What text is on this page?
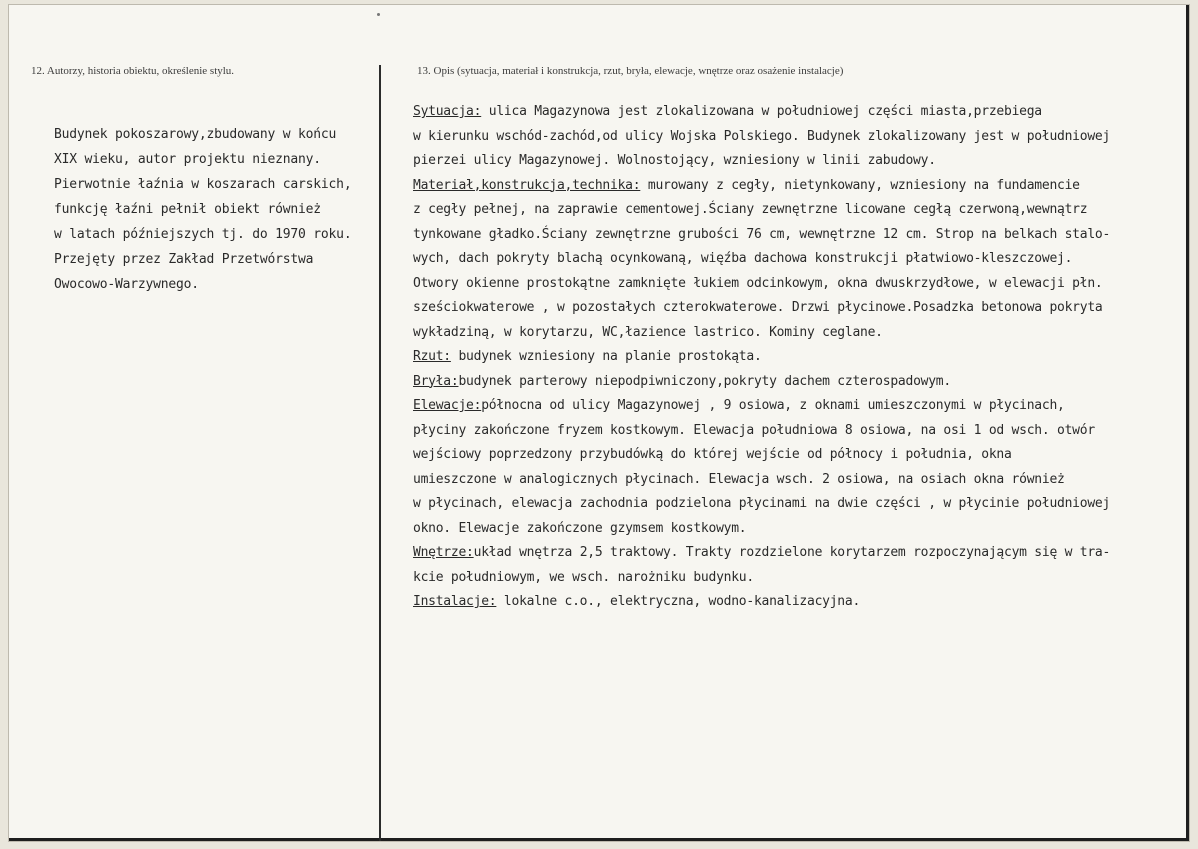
12. Autorzy, historia obiektu, określenie stylu.	13. Opis (sytuacja, materiał i konstrukcja, rzut, bryła, elewacje, wnętrze oraz osażenie instalacje)
Budynek pokoszarowy,zbudowany w końcu
XIX wieku, autor projektu nieznany.
Pierwotnie łaźnia w koszarach carskich,
funkcję łaźni pełnił obiekt również
w latach późniejszych tj. do 1970 roku.
Przejęty przez Zakład Przetwórstwa
Owocowo-Warzywnego.
Sytuacja: ulica Magazynowa jest zlokalizowana w południowej części miasta,przebiega
w kierunku wschód-zachód,od ulicy Wojska Polskiego. Budynek zlokalizowany jest w południowej
pierzei ulicy Magazynowej. Wolnostojący, wzniesiony w linii zabudowy.
Materiał,konstrukcja,technika: murowany z cegły, nietynkowany, wzniesiony na fundamencie
z cegły pełnej, na zaprawie cementowej.Ściany zewnętrzne licowane cegłą czerwoną,wewnątrz
tynkowane gładko.Ściany zewnętrzne grubości 76 cm, wewnętrzne 12 cm. Strop na belkach stalo-
wych, dach pokryty blachą ocynkowaną, więźba dachowa konstrukcji płatwiowo-kleszczowej.
Otwory okienne prostokątne zamknięte łukiem odcinkowym, okna dwuskrzydłowe, w elewacji płn.
sześciokwaterowe , w pozostałych czterokwaterowe. Drzwi płycinowe.Posadzka betonowa pokryta
wykładziną, w korytarzu, WC,łazience lastrico. Kominy ceglane.
Rzut: budynek wzniesiony na planie prostokąta.
Bryła:budynek parterowy niepodpiwniczony,pokryty dachem czterospadowym.
Elewacje:północna od ulicy Magazynowej , 9 osiowa, z oknami umieszczonymi w płycinach,
płyciny zakończone fryzem kostkowym. Elewacja południowa 8 osiowa, na osi 1 od wsch. otwór
wejściowy poprzedzony przybudówką do której wejście od północy i południa, okna
umieszczone w analogicznych płycinach. Elewacja wsch. 2 osiowa, na osiach okna również
w płycinach, elewacja zachodnia podzielona płycinami na dwie części , w płycinie południowej
okno. Elewacje zakończone gzymsem kostkowym.
Wnętrze:układ wnętrza 2,5 traktowy. Trakty rozdzielone korytarzem rozpoczynającym się w tra-
kcie południowym, we wsch. narożniku budynku.
Instalacje: lokalne c.o., elektryczna, wodno-kanalizacyjna.
